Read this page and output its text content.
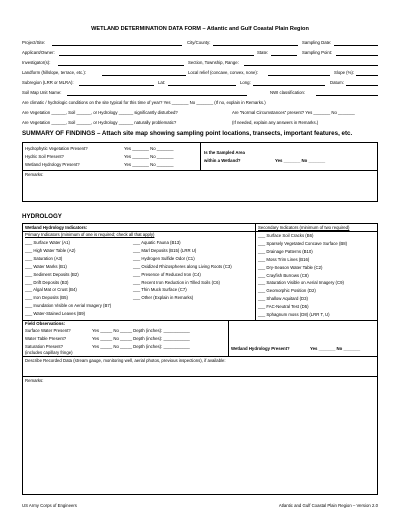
WETLAND DETERMINATION DATA FORM – Atlantic and Gulf Coastal Plain Region
Project/Site:	City/County:	Sampling Date:
Applicant/Owner:	State:	Sampling Point:
Investigator(s):	Section, Township, Range:
Landform (hillslope, terrace, etc.):	Local relief (concave, convex, none):	Slope (%):
Subregion (LRR or MLRA):	Lat:	Long:	Datum:
Soil Map Unit Name:	NWI classification:
Are climatic / hydrologic conditions on the site typical for this time of year? Yes _______ No _______ (If no, explain in Remarks.)
Are Vegetation ______, Soil ______, or Hydrology ______ significantly disturbed?	Are “Normal Circumstances” present? Yes _______ No _______
Are Vegetation ______, Soil ______, or Hydrology ______ naturally problematic?	(If needed, explain any answers in Remarks.)
SUMMARY OF FINDINGS – Attach site map showing sampling point locations, transects, important features, etc.
Hydrophytic Vegetation Present?	Yes _______ No _______
Hydric Soil Present?	Yes _______ No _______
Wetland Hydrology Present?	Yes _______ No _______
Is the Sampled Area
within a Wetland?	Yes _______ No _______
Remarks:
HYDROLOGY
Wetland Hydrology Indicators:
Primary Indicators (minimum of one is required; check all that apply)
Secondary Indicators (minimum of two required)
___ Surface Water (A1)
___ High Water Table (A2)
___ Saturation (A3)
___ Water Marks (B1)
___ Sediment Deposits (B2)
___ Drift Deposits (B3)
___ Algal Mat or Crust (B4)
___ Iron Deposits (B5)
___ Inundation Visible on Aerial Imagery (B7)
___ Water-Stained Leaves (B9)
___ Aquatic Fauna (B13)
___ Marl Deposits (B15) (LRR U)
___ Hydrogen Sulfide Odor (C1)
___ Oxidized Rhizospheres along Living Roots (C3)
___ Presence of Reduced Iron (C4)
___ Recent Iron Reduction in Tilled Soils (C6)
___ Thin Muck Surface (C7)
___ Other (Explain in Remarks)
___ Surface Soil Cracks (B6)
___ Sparsely Vegetated Concave Surface (B8)
___ Drainage Patterns (B10)
___ Moss Trim Lines (B16)
___ Dry-Season Water Table (C2)
___ Crayfish Burrows (C8)
___ Saturation Visible on Aerial Imagery (C9)
___ Geomorphic Position (D2)
___ Shallow Aquitard (D3)
___ FAC-Neutral Test (D5)
___ Sphagnum moss (D8) (LRR T, U)
Field Observations:
Surface Water Present?	Yes _____ No _____ Depth (inches): ___________
Water Table Present?	Yes _____ No _____ Depth (inches): ___________
Saturation Present?	Yes _____ No _____ Depth (inches): ___________
(includes capillary fringe)
Wetland Hydrology Present?	Yes _______ No _______
Describe Recorded Data (stream gauge, monitoring well, aerial photos, previous inspections), if available:
Remarks:
US Army Corps of Engineers	Atlantic and Gulf Coastal Plain Region – Version 2.0
